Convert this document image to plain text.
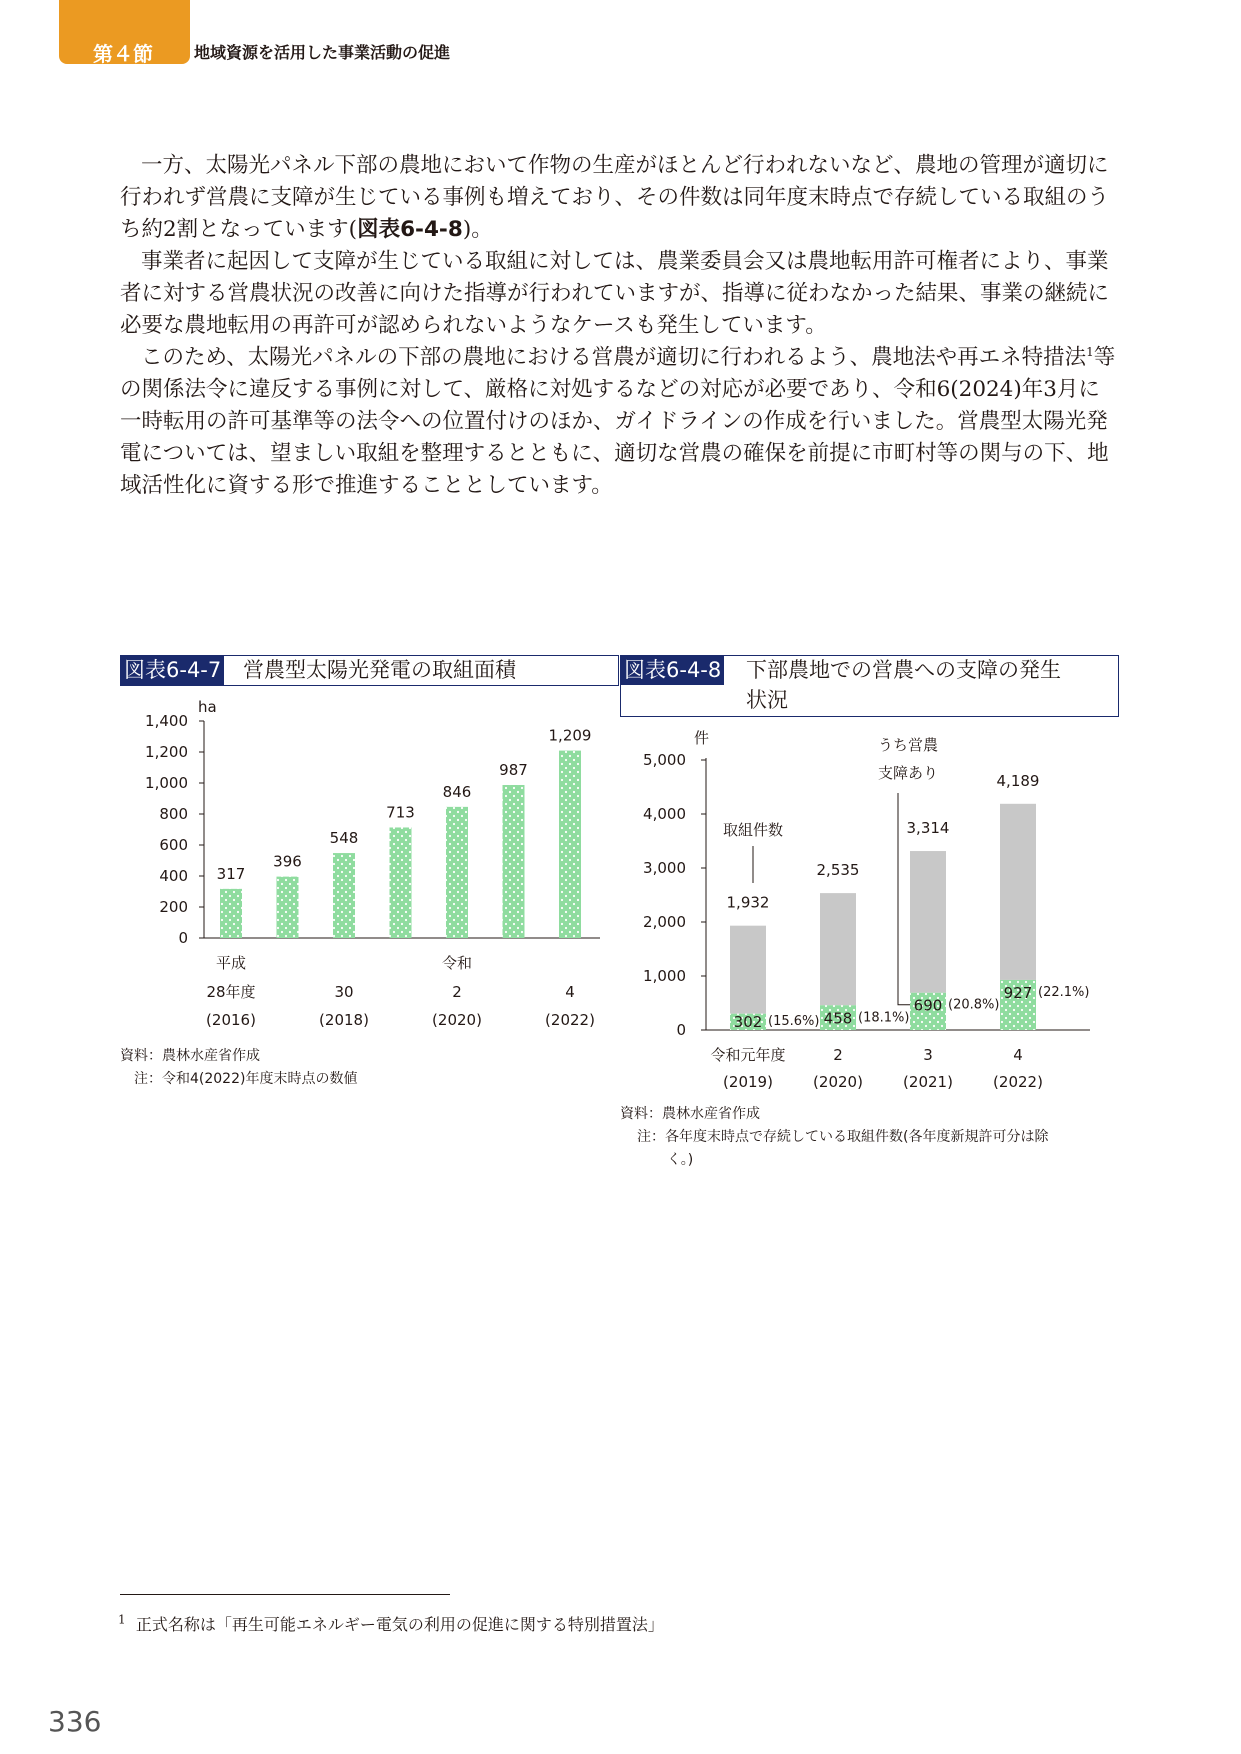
第４節	地域資源を活用した事業活動の促進

一方、太陽光パネル下部の農地において作物の生産がほとんど行われないなど、農地の管理が適切に行われず営農に支障が生じている事例も増えており、その件数は同年度末時点で存続している取組のうち約2割となっています(図表6-4-8)。

事業者に起因して支障が生じている取組に対しては、農業委員会又は農地転用許可権者により、事業者に対する営農状況の改善に向けた指導が行われていますが、指導に従わなかった結果、事業の継続に必要な農地転用の再許可が認められないようなケースも発生しています。

このため、太陽光パネルの下部の農地における営農が適切に行われるよう、農地法や再エネ特措法$^1$等の関係法令に違反する事例に対して、厳格に対処するなどの対応が必要であり、令和6(2024)年3月に一時転用の許可基準等の法令への位置付けのほか、ガイドラインの作成を行いました。営農型太陽光発電については、望ましい取組を整理するとともに、適切な営農の確保を前提に市町村等の関与の下、地域活性化に資する形で推進することとしています。

図表6-4-7 営農型太陽光発電の取組面積
ha
1,400
1,200
1,000
800
600
400
200
0
317
396
548
713
846
987
1,209
平成
28年度
(2016)
30
(2018)
令和
2
(2020)
4
(2022)
資料：農林水産省作成
注：令和4(2022)年度末時点の数値
図表6-4-8 下部農地での営農への支障の発生
状況
件
5,000
4,000
3,000
2,000
1,000
0
1,932
302 (15.6%)
令和元年度
(2019)
2,535
458 (18.1%)
2
(2020)
3,314
690 (20.8%)
3
(2021)
4,189
927 (22.1%)
4
(2022)
取組件数
うち営農
支障あり
資料：農林水産省作成
注：各年度末時点で存続している取組件数(各年度新規許可分は除
く。)
$^1$ 正式名称は「再生可能エネルギー電気の利用の促進に関する特別措置法」
336
